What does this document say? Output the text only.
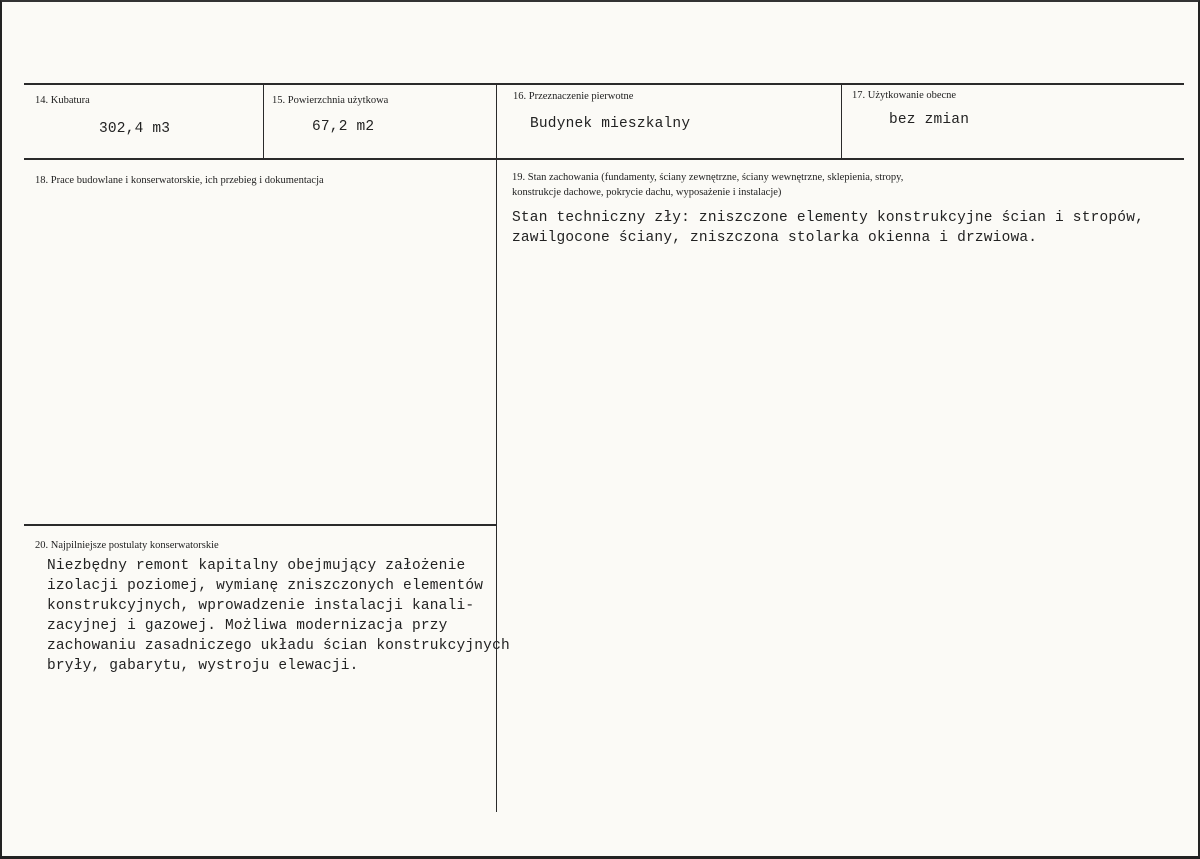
14. Kubatura
302,4 m3
15. Powierzchnia użytkowa
67,2 m2
16. Przeznaczenie pierwotne
Budynek mieszkalny
17. Użytkowanie obecne
bez zmian
18. Prace budowlane i konserwatorskie, ich przebieg i dokumentacja	19. Stan zachowania (fundamenty, ściany zewnętrzne, ściany wewnętrzne, sklepienia, stropy,
konstrukcje dachowe, pokrycie dachu, wyposażenie i instalacje)
Stan techniczny zły: zniszczone elementy konstrukcyjne ścian i stropów,
zawilgocone ściany, zniszczona stolarka okienna i drzwiowa.
20. Najpilniejsze postulaty konserwatorskie
Niezbędny remont kapitalny obejmujący założenie
izolacji poziomej, wymianę zniszczonych elementów
konstrukcyjnych, wprowadzenie instalacji kanali-
zacyjnej i gazowej. Możliwa modernizacja przy
zachowaniu zasadniczego układu ścian konstrukcyjnych
bryły, gabarytu, wystroju elewacji.
